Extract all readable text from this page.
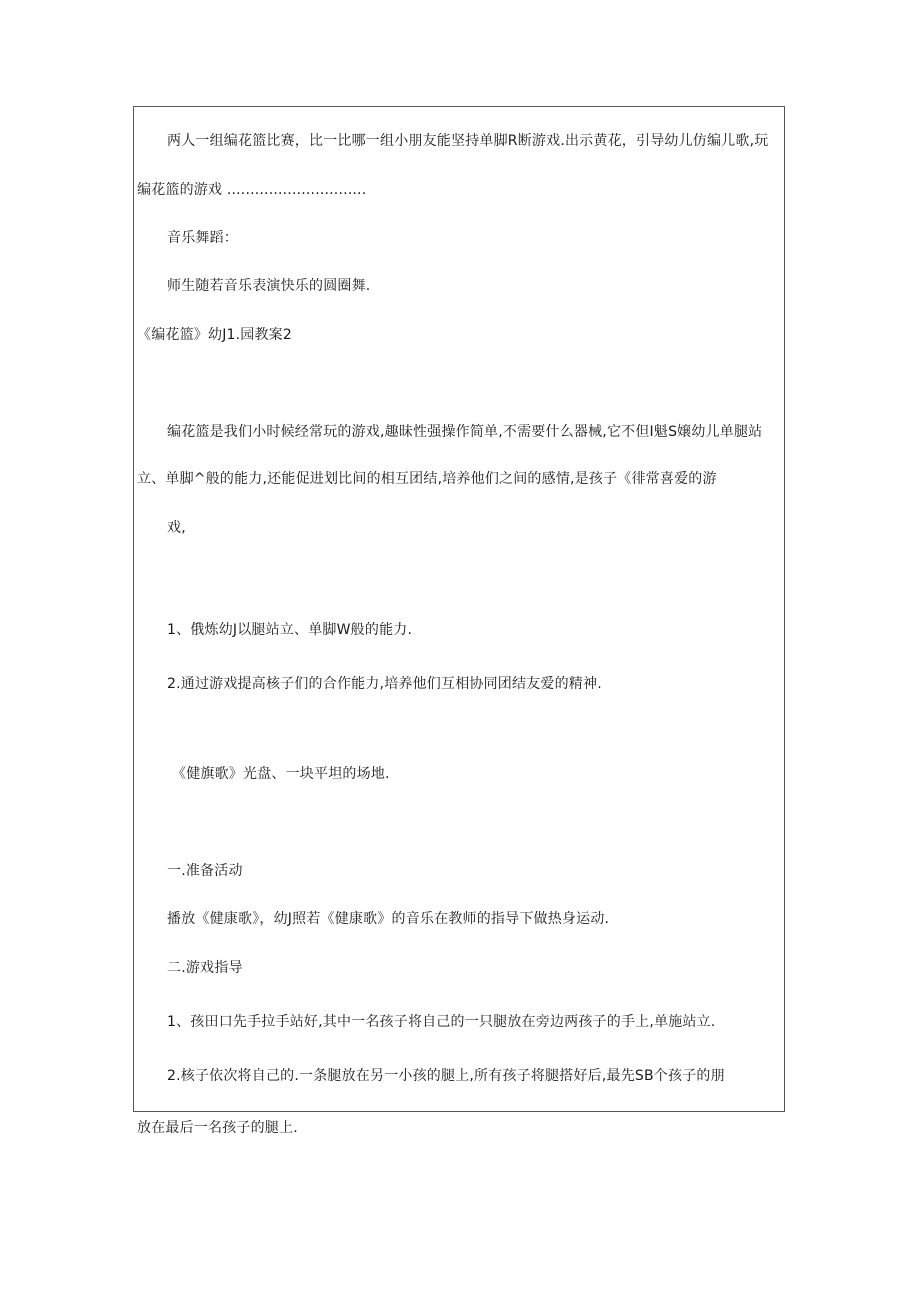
两人一组编花篮比赛，比一比哪一组小朋友能坚持单脚R断游戏.出示黄花，引导幼儿仿编儿歌,玩
编花篮的游戏 ..............................
音乐舞蹈：
师生随若音乐表演快乐的圆圈舞.
《编花篮》幼J1.园教案2
编花篮是我们小时候经常玩的游戏,趣昧性强操作简单,不需要什么器械,它不但I魁S嬢幼儿单腿站
立、单脚^般的能力,还能促进划比间的相互团结,培养他们之间的感情,是孩子《徘常喜爱的游
戏,
1、俄炼幼J以腿站立、单脚W般的能力.
2.通过游戏提高核子们的合作能力,培养他们互相协同团结友爱的精神.
《健旗歌》光盘、一块平坦的场地.
一.准备活动
播放《健康歌》，幼J照若《健康歌》的音乐在教师的指导下做热身运动.
二.游戏指导
1、孩田口先手拉手站好,其中一名孩子将自己的一只腿放在旁边两孩子的手上,单施站立.
2.核子依次将自己的.一条腿放在另一小孩的腿上,所有孩子将腿搭好后,最先SB个孩子的朋
放在最后一名孩子的腿上.
